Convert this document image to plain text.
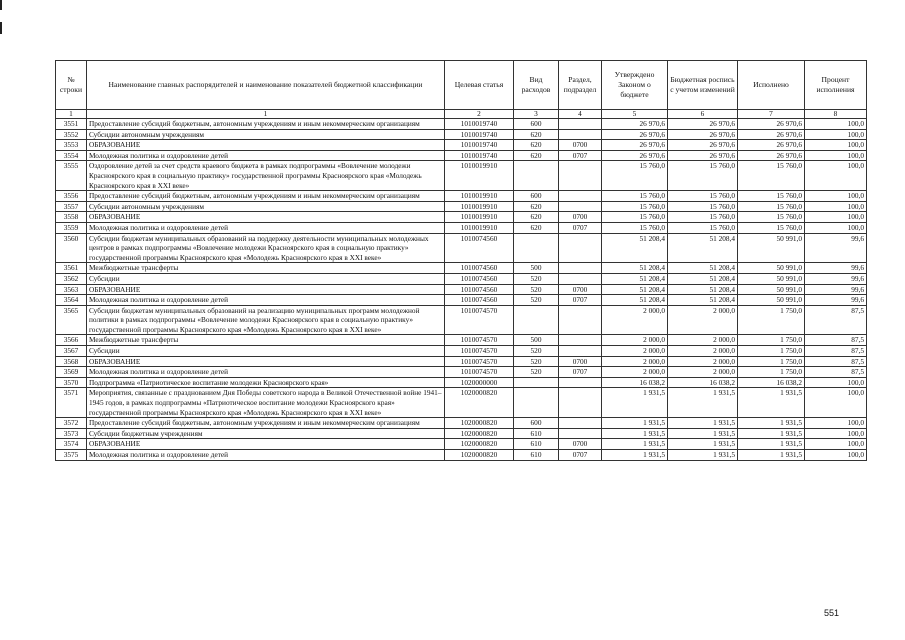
№ строки	Наименование главных распорядителей и наименование показателей бюджетной классификации	Целевая статья	Вид расходов	Раздел, подраздел	Утверждено Законом о бюджете	Бюджетная роспись с учетом изменений	Исполнено	Процент исполнения
1	1	2	3	4	5	6	7	8
3551	Предоставление субсидий бюджетным, автономным учреждениям и иным некоммерческим организациям	1010019740	600		26 970,6	26 970,6	26 970,6	100,0
3552	Субсидии автономным учреждениям	1010019740	620		26 970,6	26 970,6	26 970,6	100,0
3553	ОБРАЗОВАНИЕ	1010019740	620	0700	26 970,6	26 970,6	26 970,6	100,0
3554	Молодежная политика и оздоровление детей	1010019740	620	0707	26 970,6	26 970,6	26 970,6	100,0
3555	Оздоровление детей за счет средств краевого бюджета в рамках подпрограммы «Вовлечение молодежи Красноярского края в социальную практику» государственной программы Красноярского края «Молодежь Красноярского края в XXI веке»	1010019910			15 760,0	15 760,0	15 760,0	100,0
3556	Предоставление субсидий бюджетным, автономным учреждениям и иным некоммерческим организациям	1010019910	600		15 760,0	15 760,0	15 760,0	100,0
3557	Субсидии автономным учреждениям	1010019910	620		15 760,0	15 760,0	15 760,0	100,0
3558	ОБРАЗОВАНИЕ	1010019910	620	0700	15 760,0	15 760,0	15 760,0	100,0
3559	Молодежная политика и оздоровление детей	1010019910	620	0707	15 760,0	15 760,0	15 760,0	100,0
3560	Субсидии бюджетам муниципальных образований на поддержку деятельности муниципальных молодежных центров в рамках подпрограммы «Вовлечение молодежи Красноярского края в социальную практику» государственной программы Красноярского края «Молодежь Красноярского края в XXI веке»	1010074560			51 208,4	51 208,4	50 991,0	99,6
3561	Межбюджетные трансферты	1010074560	500		51 208,4	51 208,4	50 991,0	99,6
3562	Субсидии	1010074560	520		51 208,4	51 208,4	50 991,0	99,6
3563	ОБРАЗОВАНИЕ	1010074560	520	0700	51 208,4	51 208,4	50 991,0	99,6
3564	Молодежная политика и оздоровление детей	1010074560	520	0707	51 208,4	51 208,4	50 991,0	99,6
3565	Субсидии бюджетам муниципальных образований на реализацию муниципальных программ молодежной политики в рамках подпрограммы «Вовлечение молодежи Красноярского края в социальную практику» государственной программы Красноярского края «Молодежь Красноярского края в XXI веке»	1010074570			2 000,0	2 000,0	1 750,0	87,5
3566	Межбюджетные трансферты	1010074570	500		2 000,0	2 000,0	1 750,0	87,5
3567	Субсидии	1010074570	520		2 000,0	2 000,0	1 750,0	87,5
3568	ОБРАЗОВАНИЕ	1010074570	520	0700	2 000,0	2 000,0	1 750,0	87,5
3569	Молодежная политика и оздоровление детей	1010074570	520	0707	2 000,0	2 000,0	1 750,0	87,5
3570	Подпрограмма «Патриотическое воспитание молодежи Красноярского края»	1020000000			16 038,2	16 038,2	16 038,2	100,0
3571	Мероприятия, связанные с празднованием Дня Победы советского народа в Великой Отечественной войне 1941–1945 годов, в рамках подпрограммы «Патриотическое воспитание молодежи Красноярского края» государственной программы Красноярского края «Молодежь Красноярского края в XXI веке»	1020000820			1 931,5	1 931,5	1 931,5	100,0
3572	Предоставление субсидий бюджетным, автономным учреждениям и иным некоммерческим организациям	1020000820	600		1 931,5	1 931,5	1 931,5	100,0
3573	Субсидии бюджетным учреждениям	1020000820	610		1 931,5	1 931,5	1 931,5	100,0
3574	ОБРАЗОВАНИЕ	1020000820	610	0700	1 931,5	1 931,5	1 931,5	100,0
3575	Молодежная политика и оздоровление детей	1020000820	610	0707	1 931,5	1 931,5	1 931,5	100,0
551
